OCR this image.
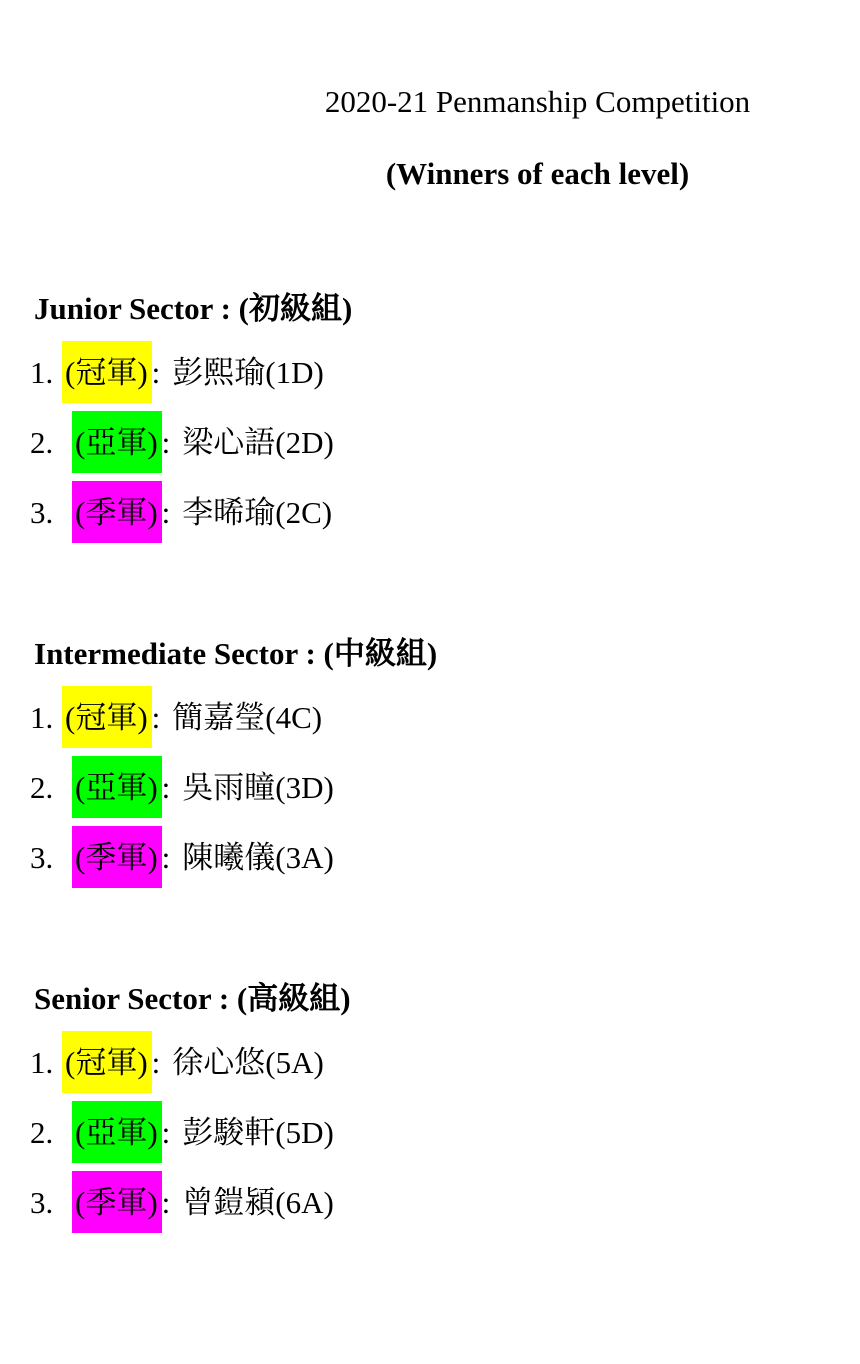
2020-21 Penmanship Competition
(Winners of each level)
Junior Sector : (初級組)
1. (冠軍) : 彭熙瑜(1D)
2. (亞軍) : 梁心語(2D)
3. (季軍) : 李晞瑜(2C)
Intermediate Sector : (中級組)
1. (冠軍) : 簡嘉瑩(4C)
2. (亞軍) : 吳雨瞳(3D)
3. (季軍) : 陳曦儀(3A)
Senior Sector : (高級組)
1. (冠軍) : 徐心悠(5A)
2. (亞軍) : 彭駿軒(5D)
3. (季軍) : 曾鎧潁(6A)
